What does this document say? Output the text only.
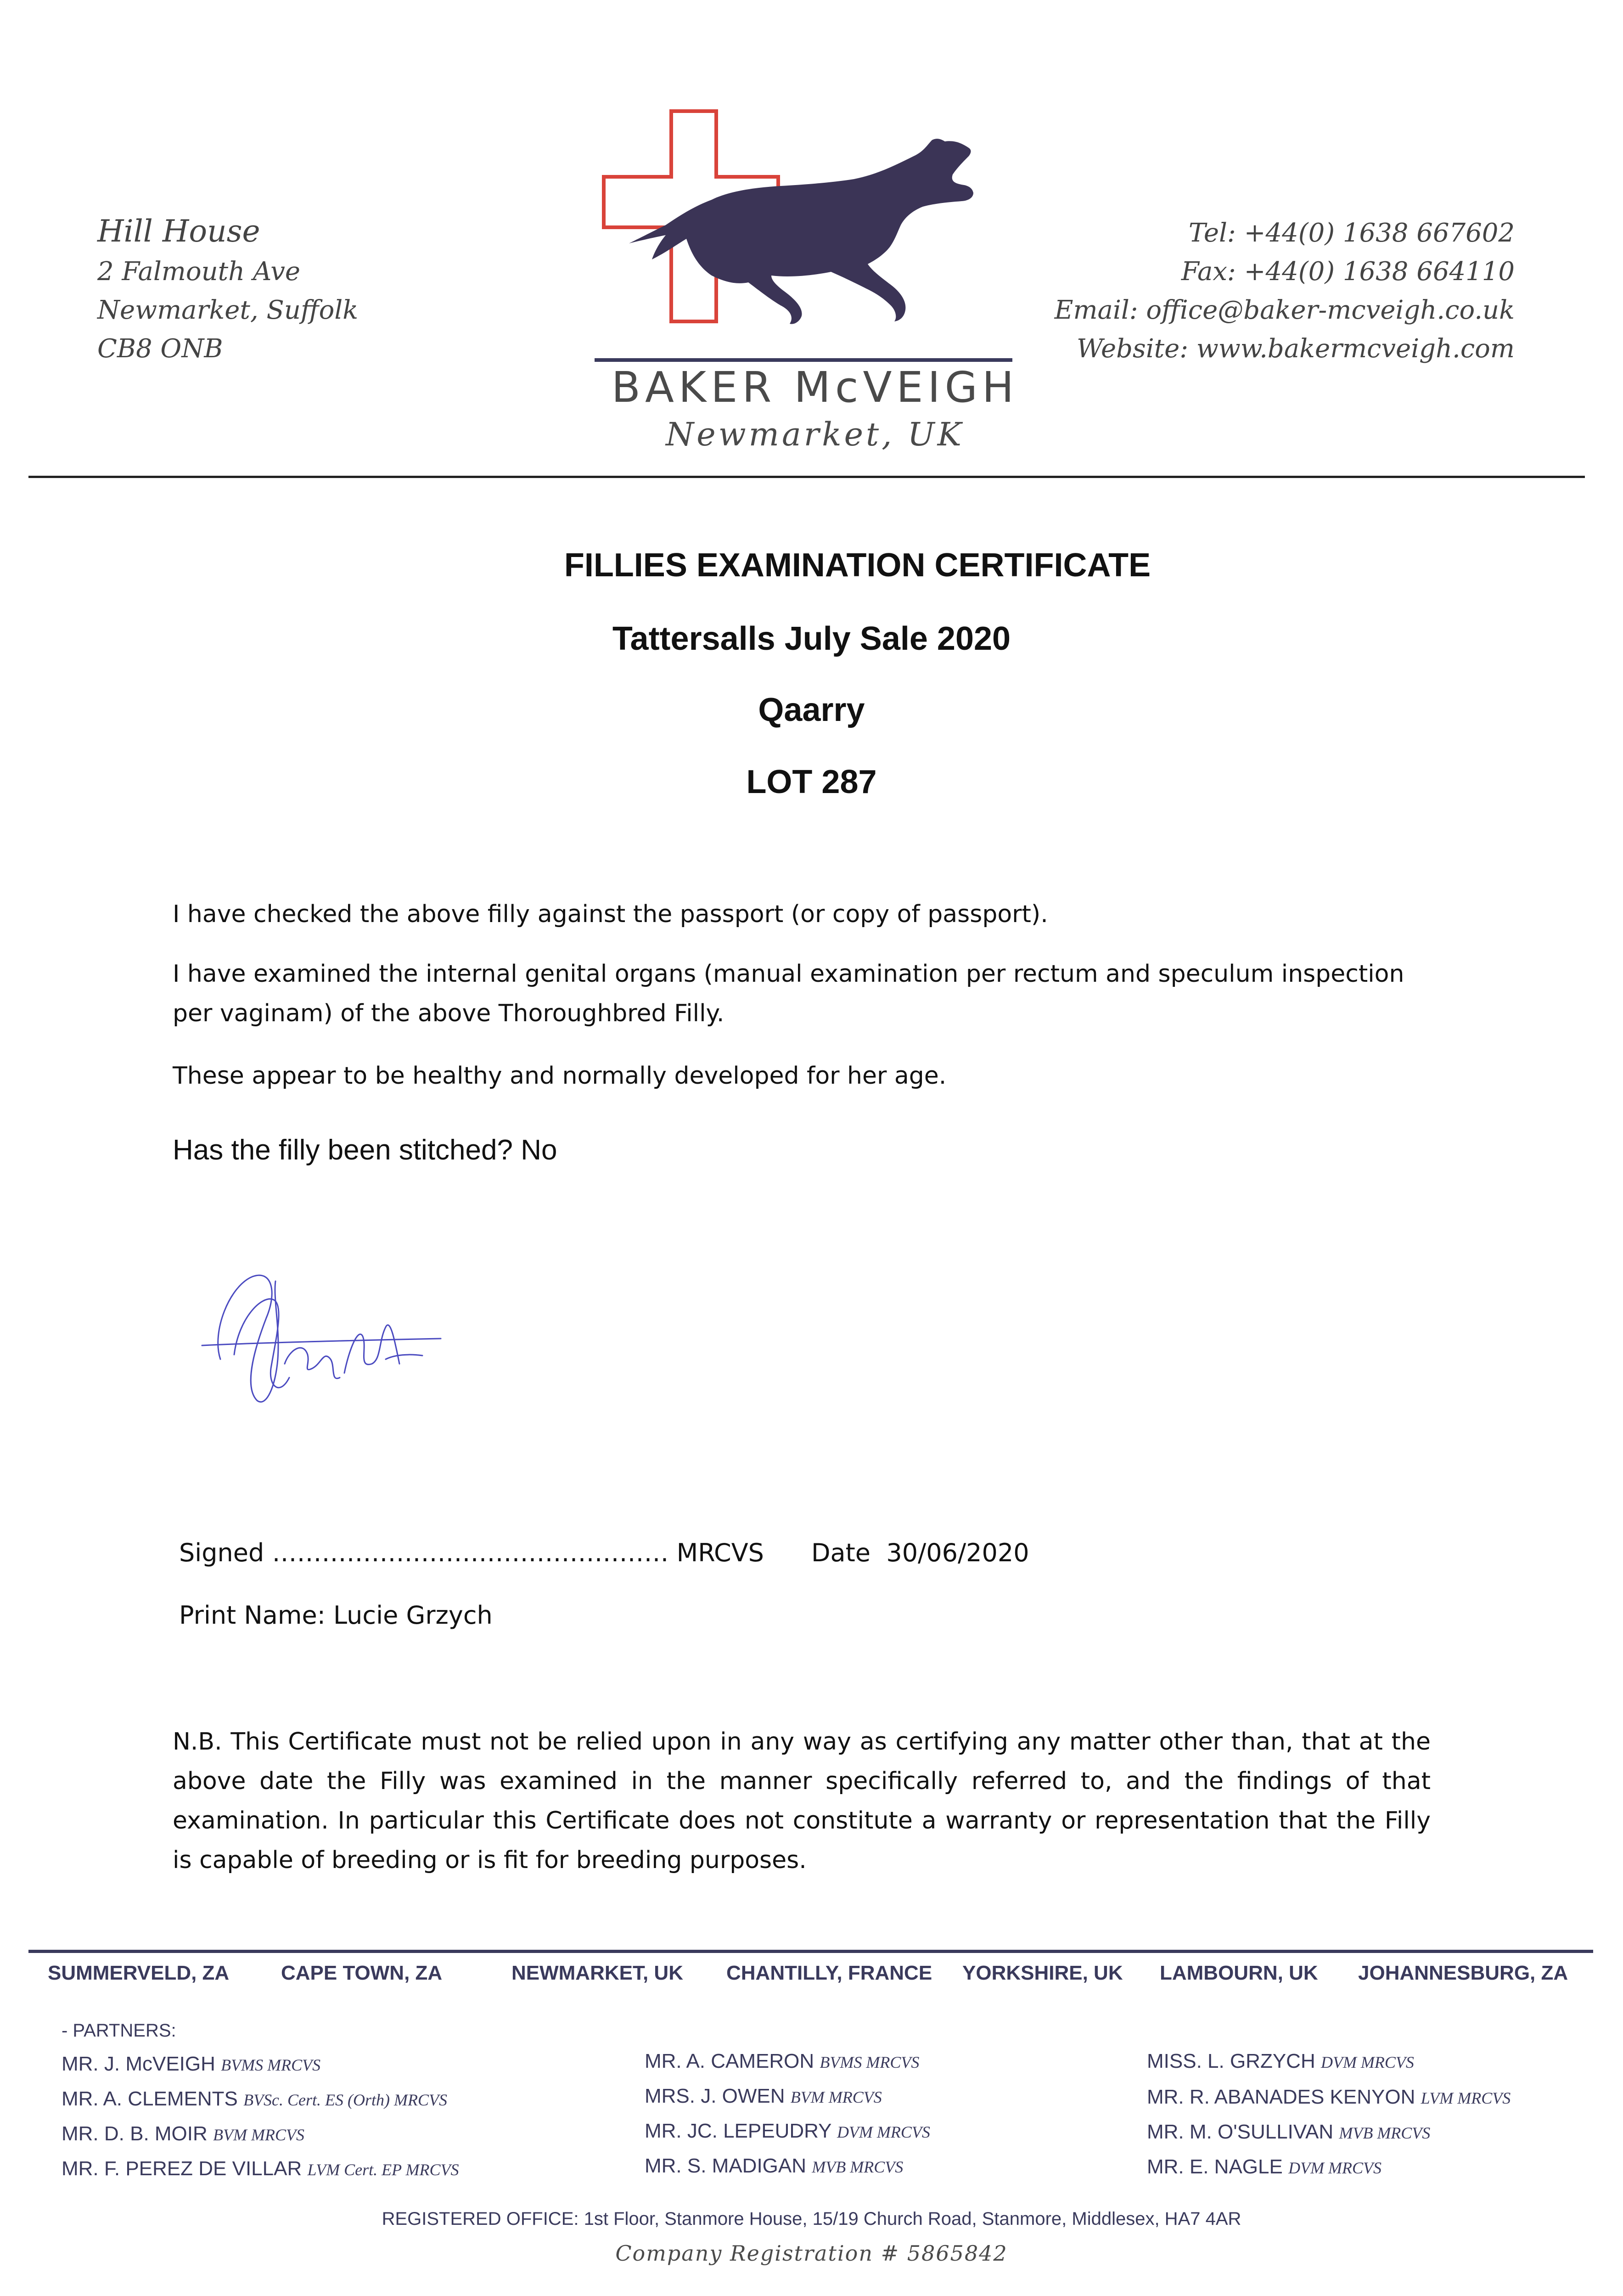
Hill House
2 Falmouth Ave
Newmarket, Suffolk
CB8 ONB
BAKER McVEIGH
Newmarket, UK
Tel: +44(0) 1638 667602
Fax: +44(0) 1638 664110
Email: office@baker-mcveigh.co.uk
Website: www.bakermcveigh.com
FILLIES EXAMINATION CERTIFICATE
Tattersalls July Sale 2020
Qaarry
LOT 287
I have checked the above filly against the passport (or copy of passport).
I have examined the internal genital organs (manual examination per rectum and speculum inspection per vaginam) of the above Thoroughbred Filly.
These appear to be healthy and normally developed for her age.
Has the filly been stitched? No
Signed ………………………………………… MRCVS      Date  30/06/2020
Print Name: Lucie Grzych
N.B. This Certificate must not be relied upon in any way as certifying any matter other than, that at the above date the Filly was examined in the manner specifically referred to, and the findings of that examination. In particular this Certificate does not constitute a warranty or representation that the Filly is capable of breeding or is fit for breeding purposes.
SUMMERVELD, ZA	CAPE TOWN, ZA	NEWMARKET, UK CHANTILLY, FRANCE YORKSHIRE, UK LAMBOURN, UK JOHANNESBURG, ZA
- PARTNERS:
MR. J. McVEIGH BVMS MRCVS
MR. A. CLEMENTS BVSc. Cert. ES (Orth) MRCVS
MR. D. B. MOIR BVM MRCVS
MR. F. PEREZ DE VILLAR LVM Cert. EP MRCVS
MR. A. CAMERON BVMS MRCVS
MRS. J. OWEN BVM MRCVS
MR. JC. LEPEUDRY DVM MRCVS
MR. S. MADIGAN MVB MRCVS
MISS. L. GRZYCH DVM MRCVS
MR. R. ABANADES KENYON LVM MRCVS
MR. M. O'SULLIVAN MVB MRCVS
MR. E. NAGLE DVM MRCVS
REGISTERED OFFICE: 1st Floor, Stanmore House, 15/19 Church Road, Stanmore, Middlesex, HA7 4AR
Company Registration # 5865842
